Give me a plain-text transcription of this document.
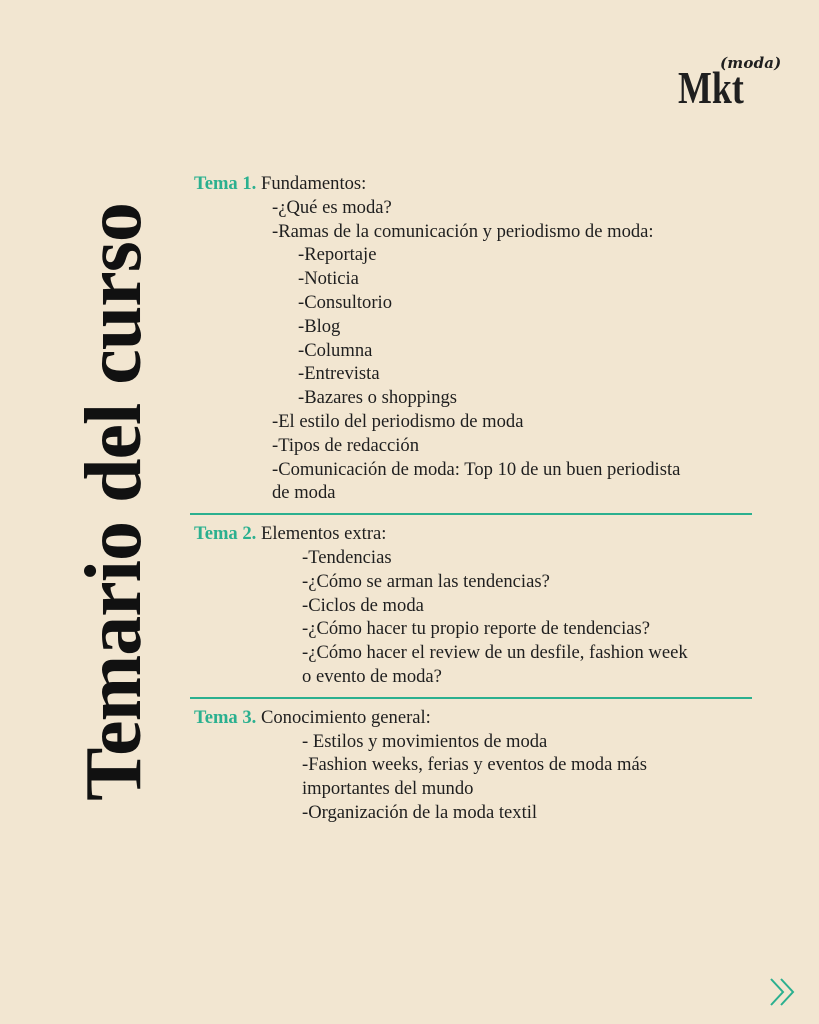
(moda)
Mkt
Temario del curso
Tema 1. Fundamentos:
-¿Qué es moda?
-Ramas de la comunicación y periodismo de moda:
-Reportaje
-Noticia
-Consultorio
-Blog
-Columna
-Entrevista
-Bazares o shoppings
-El estilo del periodismo de moda
-Tipos de redacción
-Comunicación de moda: Top 10 de un buen periodista
de moda
Tema 2. Elementos extra:
-Tendencias
-¿Cómo se arman las tendencias?
-Ciclos de moda
-¿Cómo hacer tu propio reporte de tendencias?
-¿Cómo hacer el review de un desfile, fashion week
o evento de moda?
Tema 3. Conocimiento general:
- Estilos y movimientos de moda
-Fashion weeks, ferias y eventos de moda más
importantes del mundo
-Organización de la moda textil
